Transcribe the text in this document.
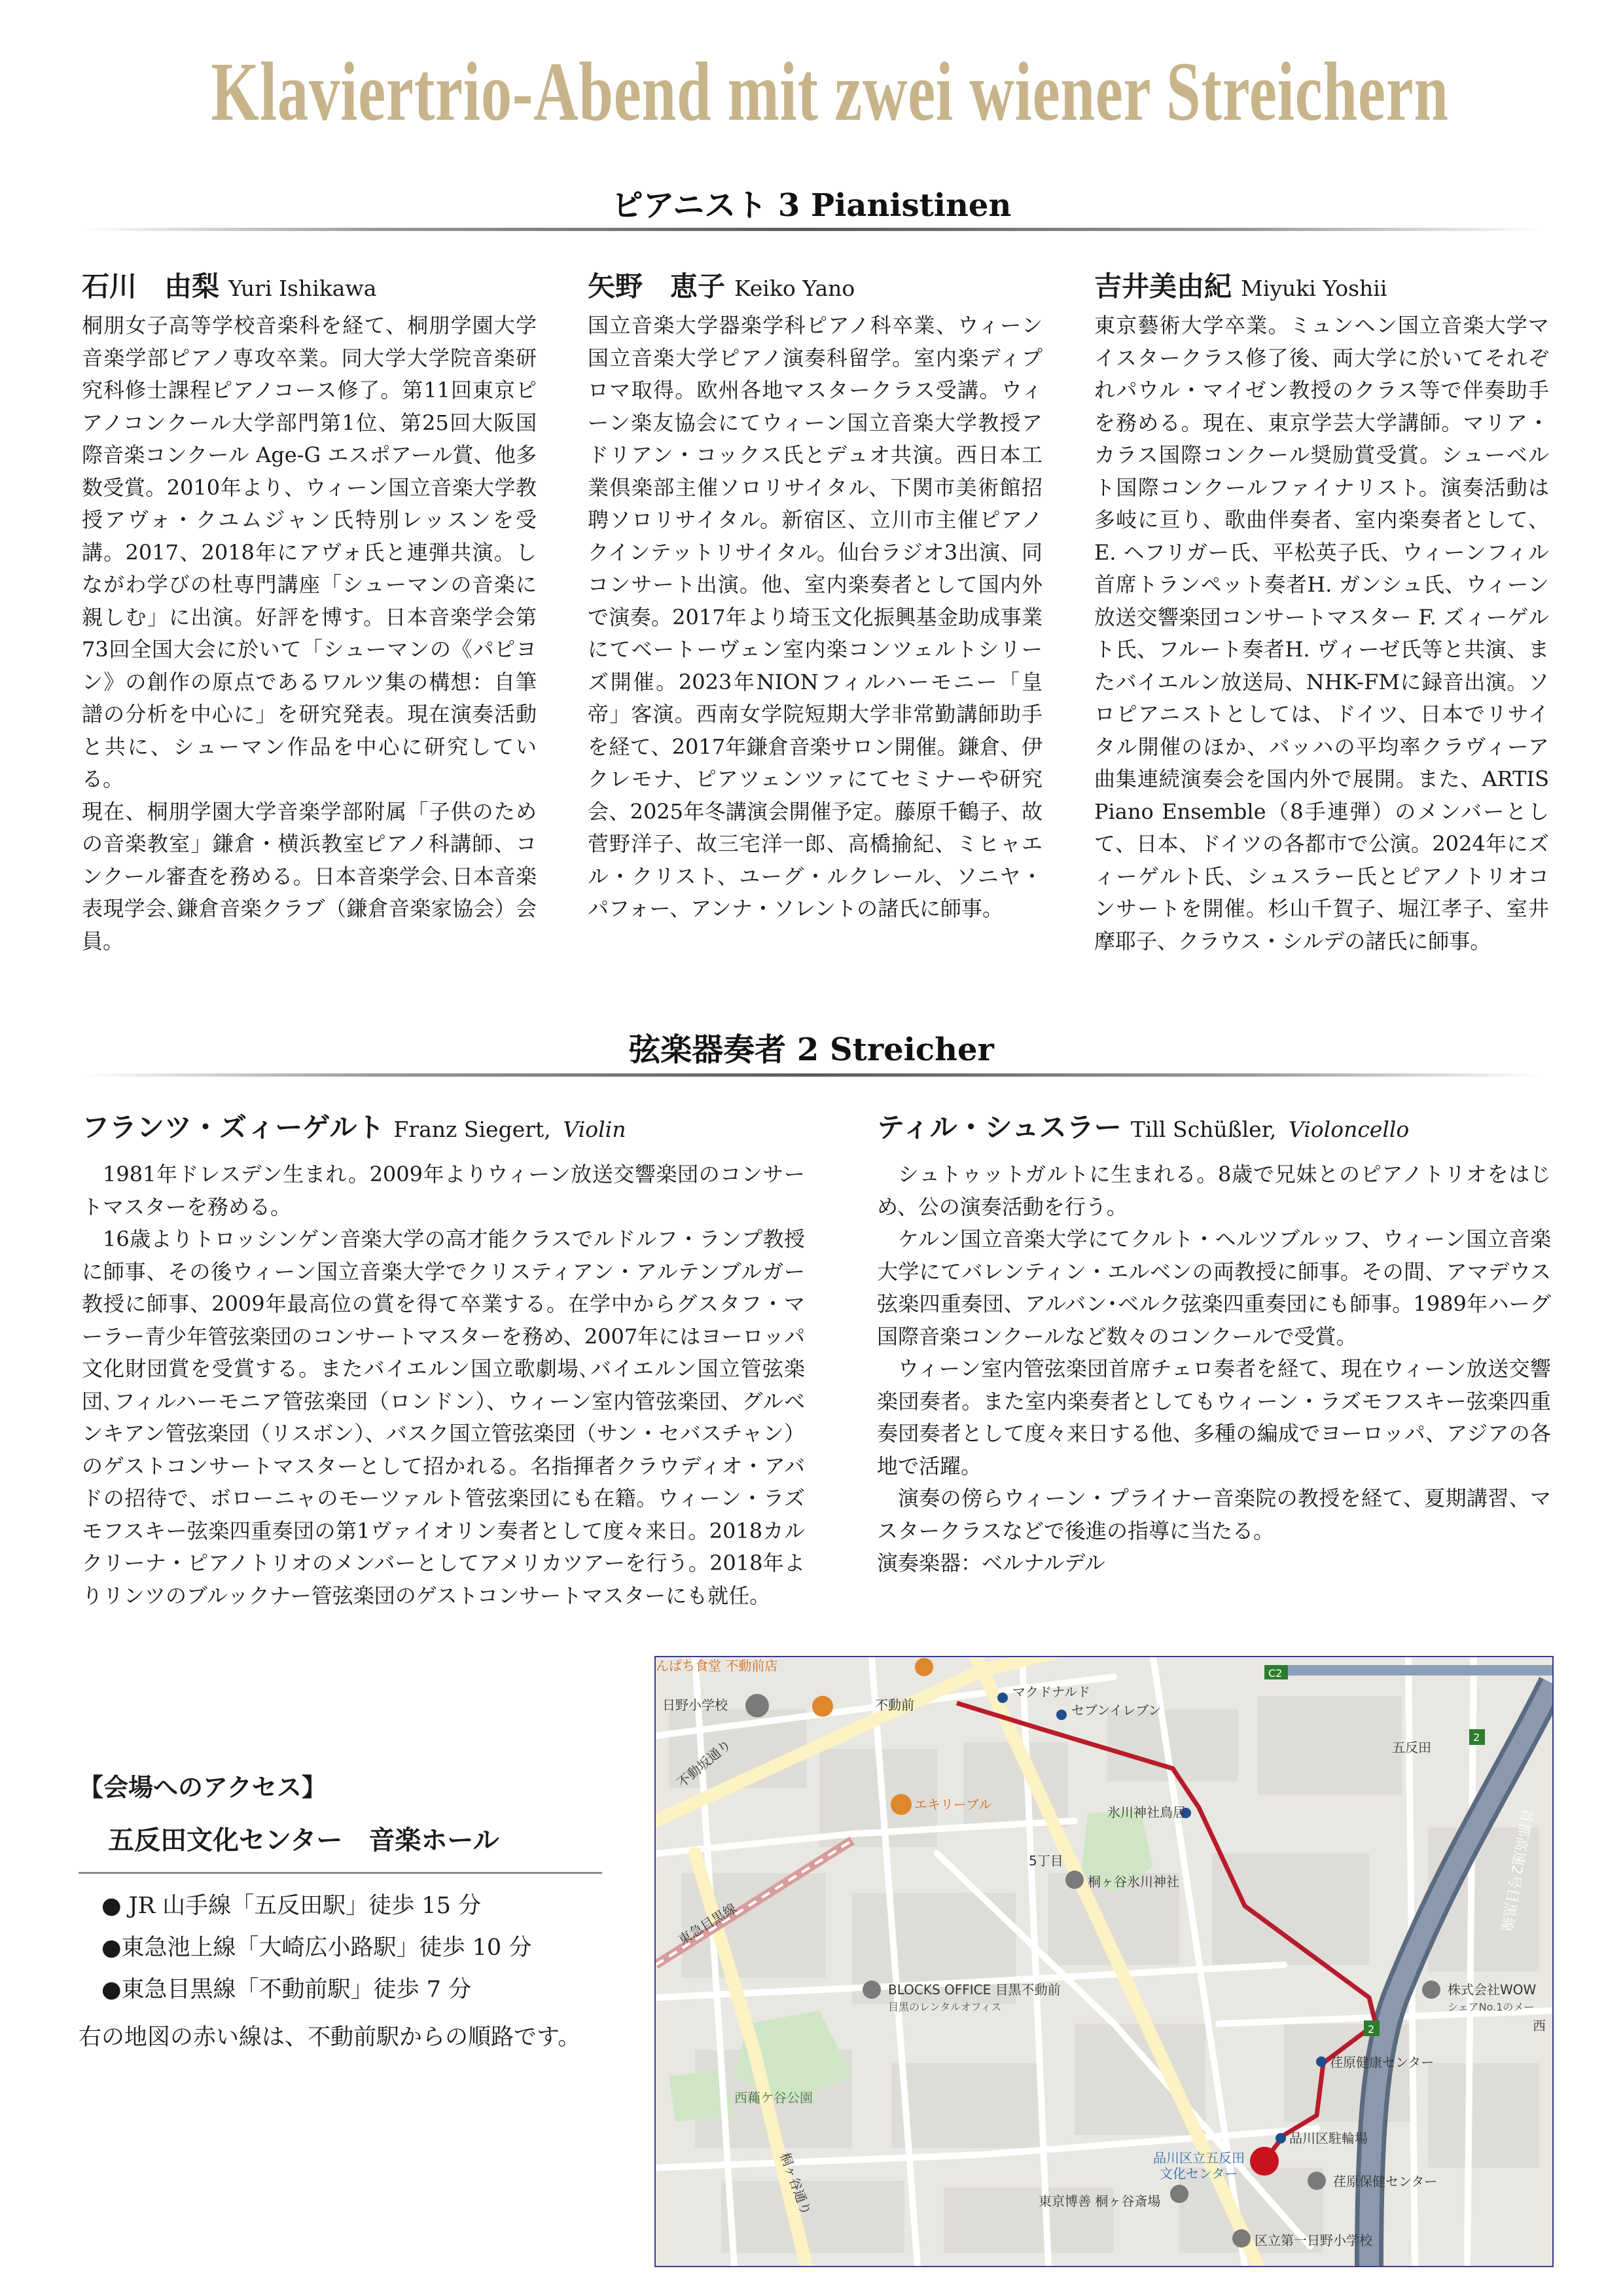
Klaviertrio-Abend mit zwei wiener Streichern
ピアニスト 3 Pianistinen
石川　由梨 Yuri Ishikawa

桐朋女子高等学校音楽科を経て、桐朋学園大学音楽学部ピアノ専攻卒業。同大学大学院音楽研究科修士課程ピアノコース修了。第11回東京ピアノコンクール大学部門第1位、第25回大阪国際音楽コンクール Age-G エスポアール賞、他多数受賞。2010年より、ウィーン国立音楽大学教授アヴォ・クユムジャン氏特別レッスンを受講。2017、2018年にアヴォ氏と連弾共演。しながわ学びの杜専門講座「シューマンの音楽に親しむ」に出演。好評を博す。日本音楽学会第73回全国大会に於いて「シューマンの《パピヨン》の創作の原点であるワルツ集の構想：自筆譜の分析を中心に」を研究発表。現在演奏活動と共に、シューマン作品を中心に研究している。

現在、桐朋学園大学音楽学部附属「子供のための音楽教室」鎌倉・横浜教室ピアノ科講師、コンクール審査を務める。日本音楽学会､日本音楽表現学会､鎌倉音楽クラブ（鎌倉音楽家協会）会員。

矢野　恵子 Keiko Yano

国立音楽大学器楽学科ピアノ科卒業、ウィーン国立音楽大学ピアノ演奏科留学。室内楽ディプロマ取得。欧州各地マスタークラス受講。ウィーン楽友協会にてウィーン国立音楽大学教授アドリアン・コックス氏とデュオ共演。西日本工業倶楽部主催ソロリサイタル、下関市美術館招聘ソロリサイタル。新宿区、立川市主催ピアノクインテットリサイタル。仙台ラジオ3出演、同コンサート出演。他、室内楽奏者として国内外で演奏。2017年より埼玉文化振興基金助成事業にてベートーヴェン室内楽コンツェルトシリーズ開催。2023年NIONフィルハーモニー「皇帝」客演。西南女学院短期大学非常勤講師助手を経て、2017年鎌倉音楽サロン開催。鎌倉、伊クレモナ、ピアツェンツァにてセミナーや研究会、2025年冬講演会開催予定。藤原千鶴子、故菅野洋子、故三宅洋一郎、高橋揄紀、ミヒャエル・クリスト、ユーグ・ルクレール、ソニヤ・パフォー、アンナ・ソレントの諸氏に師事。

吉井美由紀 Miyuki Yoshii

東京藝術大学卒業。ミュンヘン国立音楽大学マイスタークラス修了後、両大学に於いてそれぞれパウル・マイゼン教授のクラス等で伴奏助手を務める。現在、東京学芸大学講師。マリア・カラス国際コンクール奨励賞受賞。シューベルト国際コンクールファイナリスト。演奏活動は多岐に亘り、歌曲伴奏者、室内楽奏者として、E. ヘフリガー氏、平松英子氏、ウィーンフィル首席トランペット奏者H. ガンシュ氏、ウィーン放送交響楽団コンサートマスター F. ズィーゲルト氏、フルート奏者H. ヴィーゼ氏等と共演、またバイエルン放送局、NHK-FMに録音出演。ソロピアニストとしては、ドイツ、日本でリサイタル開催のほか、バッハの平均率クラヴィーア曲集連続演奏会を国内外で展開。また、ARTIS Piano Ensemble（8手連弾）のメンバーとして、日本、ドイツの各都市で公演。2024年にズィーゲルト氏、シュスラー氏とピアノトリオコンサートを開催。杉山千賀子、堀江孝子、室井摩耶子、クラウス・シルデの諸氏に師事。

弦楽器奏者 2 Streicher
フランツ・ズィーゲルト Franz Siegert, Violin

1981年ドレスデン生まれ。2009年よりウィーン放送交響楽団のコンサートマスターを務める。

16歳よりトロッシンゲン音楽大学の高才能クラスでルドルフ・ランプ教授に師事、その後ウィーン国立音楽大学でクリスティアン・アルテンブルガー教授に師事、2009年最高位の賞を得て卒業する。在学中からグスタフ・マーラー青少年管弦楽団のコンサートマスターを務め、2007年にはヨーロッパ文化財団賞を受賞する。またバイエルン国立歌劇場､バイエルン国立管弦楽団､フィルハーモニア管弦楽団（ロンドン）、ウィーン室内管弦楽団、グルベンキアン管弦楽団（リスボン）、バスク国立管弦楽団（サン・セバスチャン）のゲストコンサートマスターとして招かれる。名指揮者クラウディオ・アバドの招待で、ボローニャのモーツァルト管弦楽団にも在籍。ウィーン・ラズモフスキー弦楽四重奏団の第1ヴァイオリン奏者として度々来日。2018カルクリーナ・ピアノトリオのメンバーとしてアメリカツアーを行う。2018年よりリンツのブルックナー管弦楽団のゲストコンサートマスターにも就任。

ティル・シュスラー Till Schüßler, Violoncello

シュトゥットガルトに生まれる。8歳で兄妹とのピアノトリオをはじめ、公の演奏活動を行う。

ケルン国立音楽大学にてクルト・ヘルツブルッフ、ウィーン国立音楽大学にてバレンティン・エルベンの両教授に師事。その間、アマデウス弦楽四重奏団、アルバン･ベルク弦楽四重奏団にも師事。1989年ハーグ国際音楽コンクールなど数々のコンクールで受賞。

ウィーン室内管弦楽団首席チェロ奏者を経て、現在ウィーン放送交響楽団奏者。また室内楽奏者としてもウィーン・ラズモフスキー弦楽四重奏団奏者として度々来日する他、多種の編成でヨーロッパ、アジアの各地で活躍。

演奏の傍らウィーン・プライナー音楽院の教授を経て、夏期講習、マスタークラスなどで後進の指導に当たる。

演奏楽器：ベルナルデル

【会場へのアクセス】
五反田文化センター　音楽ホール
● JR 山手線「五反田駅」徒歩 15 分
●東急池上線「大崎広小路駅」徒歩 10 分
●東急目黒線「不動前駅」徒歩 7 分
右の地図の赤い線は、不動前駅からの順路です。
んぱち食堂 不動前店
日野小学校	不動前
マクドナルド
セブンイレブン
五反田
不動坂通り
エキリーブル	氷川神社鳥居
5丁目
桐ヶ谷氷川神社
東急目黒線
BLOCKS OFFICE 目黒不動前
目黒のレンタルオフィス
株式会社WOW
シェアNo.1のメー
西
荏原健康センター
西蘒ケ谷公園
桐ヶ谷通り
品川区駐輪場
荏原保健センター
品川区立五反田
文化センター
東京博善 桐ヶ谷斎場
区立第一日野小学校
首都高速2号目黒線
C2
2
2
